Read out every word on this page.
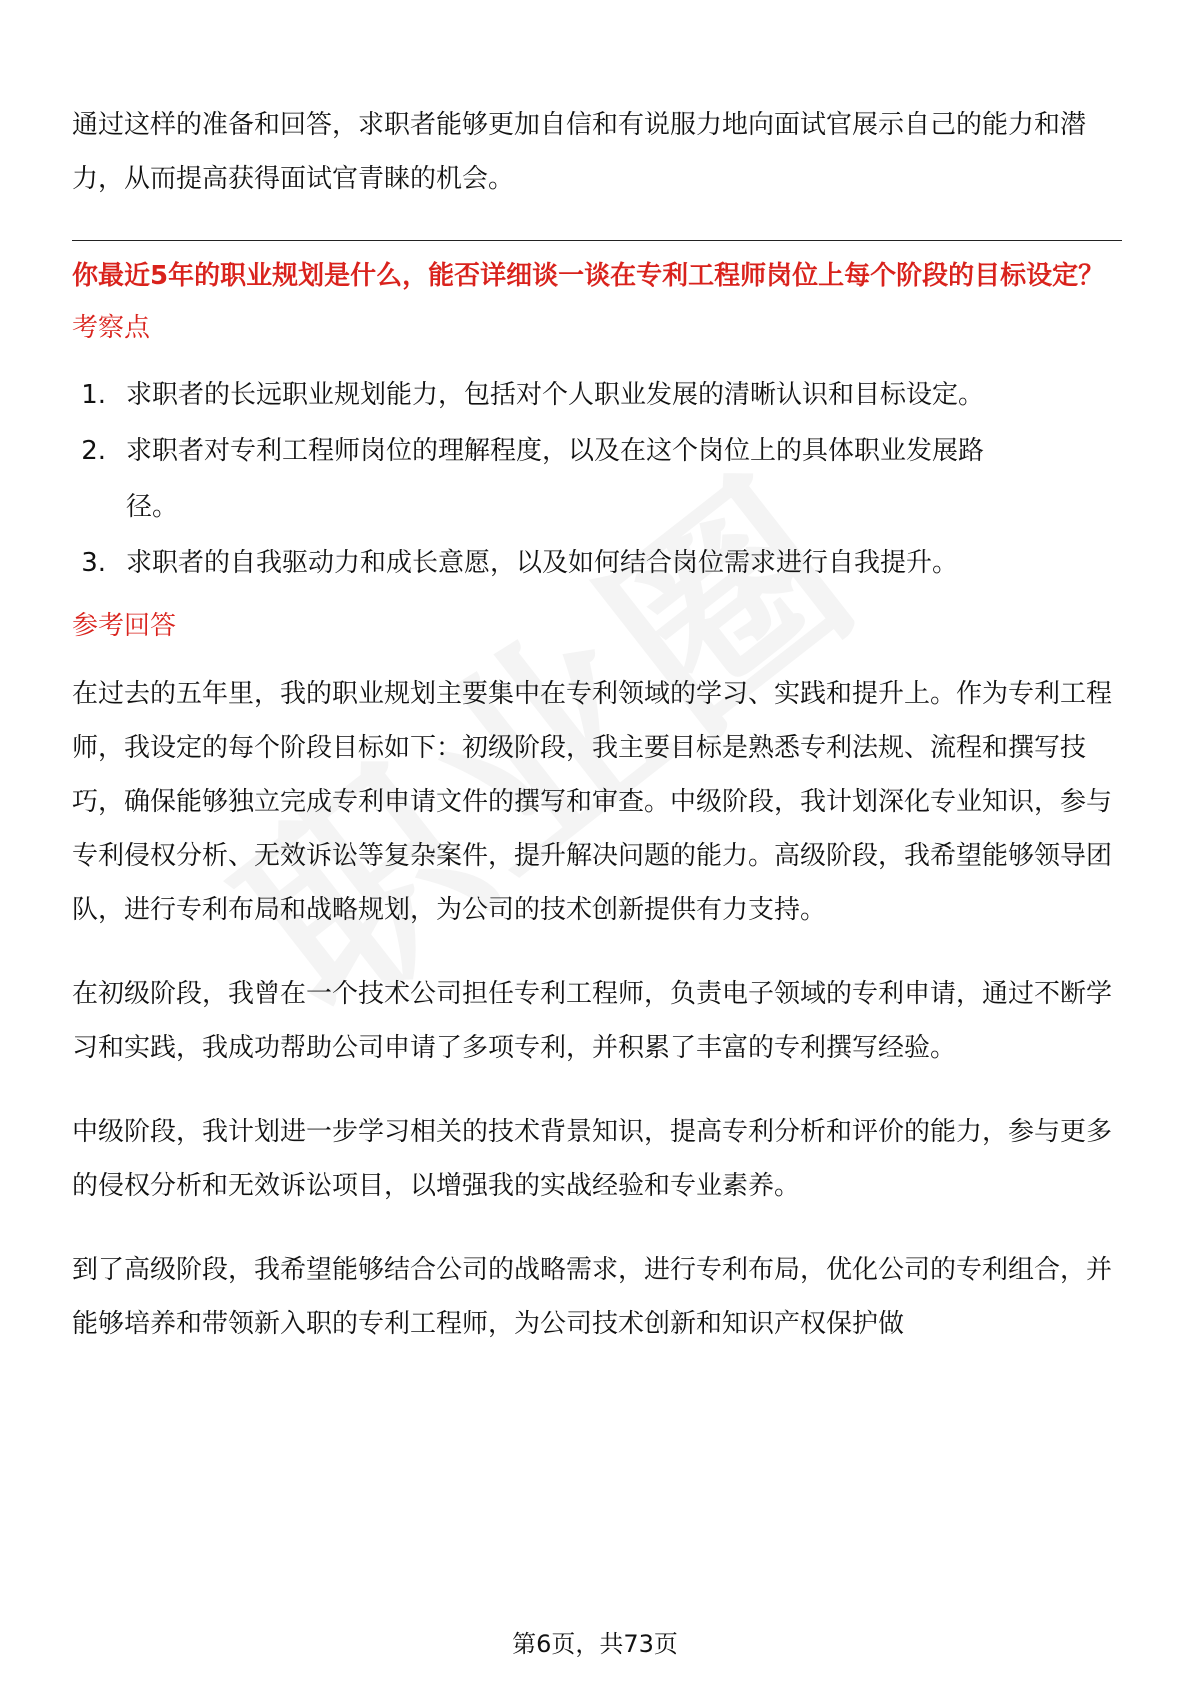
通过这样的准备和回答，求职者能够更加自信和有说服力地向面试官展示自己的能力和潜力，从而提高获得面试官青睐的机会。

你最近5年的职业规划是什么，能否详细谈一谈在专利工程师岗位上每个阶段的目标设定？
考察点
1. 求职者的长远职业规划能力，包括对个人职业发展的清晰认识和目标设定。
2. 求职者对专利工程师岗位的理解程度，以及在这个岗位上的具体职业发展路径。
3. 求职者的自我驱动力和成长意愿，以及如何结合岗位需求进行自我提升。
参考回答

在过去的五年里，我的职业规划主要集中在专利领域的学习、实践和提升上。作为专利工程师，我设定的每个阶段目标如下：初级阶段，我主要目标是熟悉专利法规、流程和撰写技巧，确保能够独立完成专利申请文件的撰写和审查。中级阶段，我计划深化专业知识，参与专利侵权分析、无效诉讼等复杂案件，提升解决问题的能力。高级阶段，我希望能够领导团队，进行专利布局和战略规划，为公司的技术创新提供有力支持。

在初级阶段，我曾在一个技术公司担任专利工程师，负责电子领域的专利申请，通过不断学习和实践，我成功帮助公司申请了多项专利，并积累了丰富的专利撰写经验。

中级阶段，我计划进一步学习相关的技术背景知识，提高专利分析和评价的能力，参与更多的侵权分析和无效诉讼项目，以增强我的实战经验和专业素养。

到了高级阶段，我希望能够结合公司的战略需求，进行专利布局，优化公司的专利组合，并能够培养和带领新入职的专利工程师，为公司技术创新和知识产权保护做

第6页，共73页
